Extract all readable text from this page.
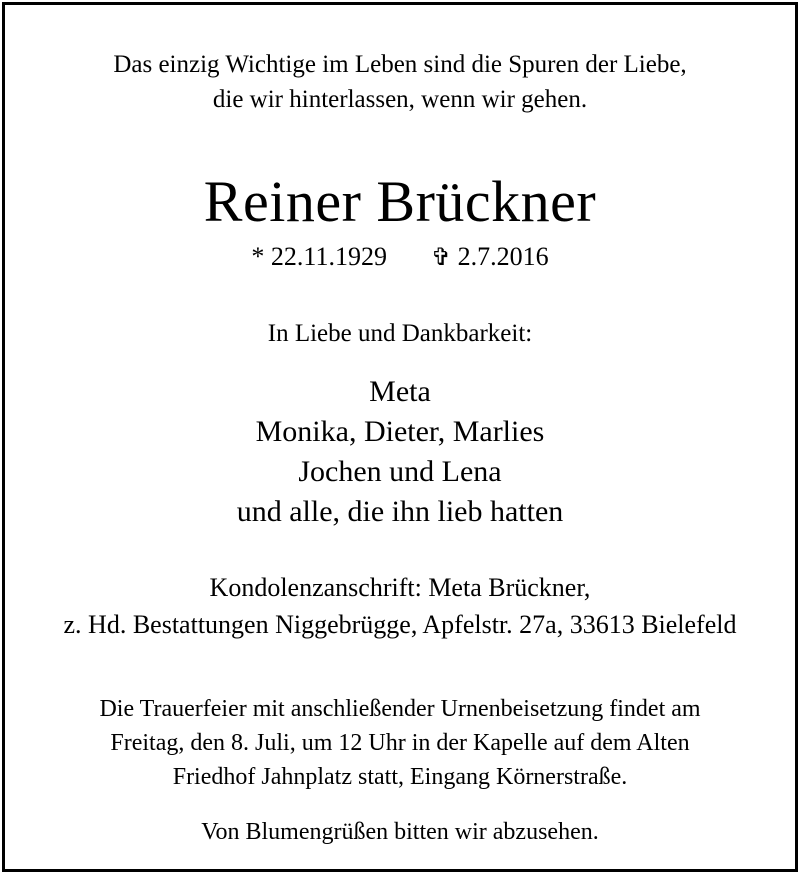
Das einzig Wichtige im Leben sind die Spuren der Liebe,
die wir hinterlassen, wenn wir gehen.
Reiner Brückner
* 22.11.1929 ✞ 2.7.2016
In Liebe und Dankbarkeit:
Meta
Monika, Dieter, Marlies
Jochen und Lena
und alle, die ihn lieb hatten
Kondolenzanschrift: Meta Brückner,
z. Hd. Bestattungen Niggebrügge, Apfelstr. 27a, 33613 Bielefeld
Die Trauerfeier mit anschließender Urnenbeisetzung findet am
Freitag, den 8. Juli, um 12 Uhr in der Kapelle auf dem Alten
Friedhof Jahnplatz statt, Eingang Körnerstraße.
Von Blumengrüßen bitten wir abzusehen.
